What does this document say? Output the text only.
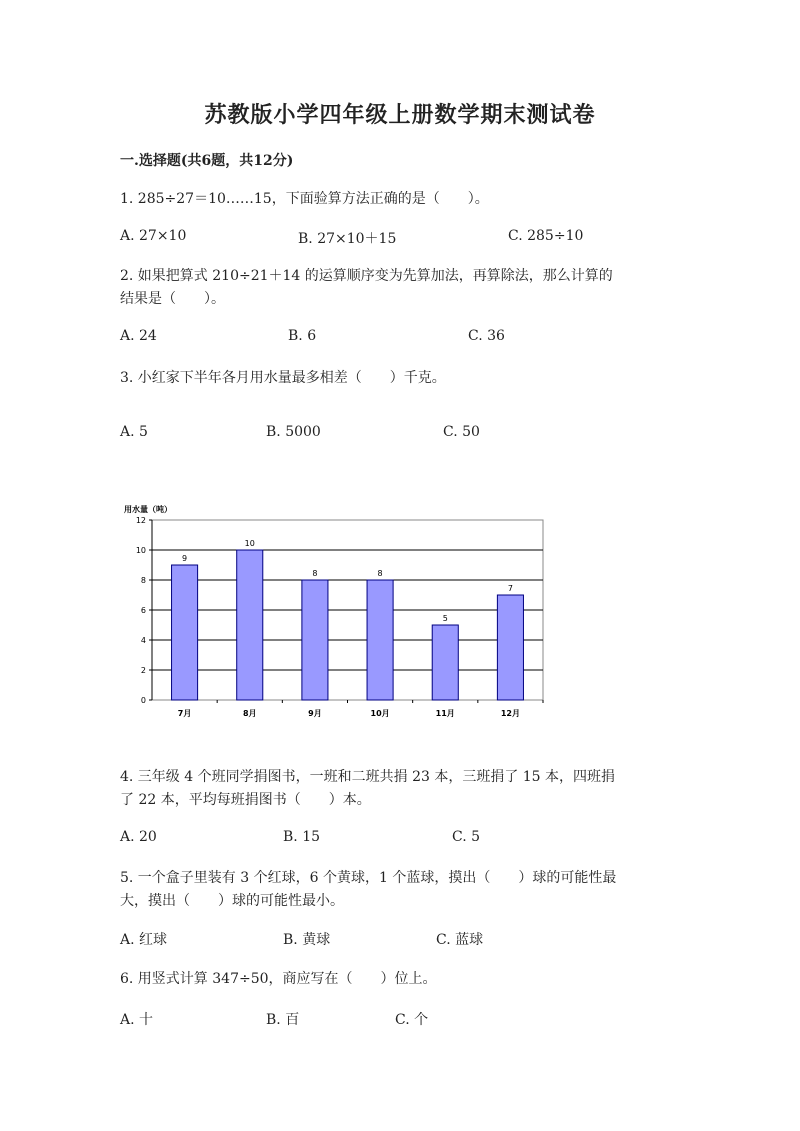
苏教版小学四年级上册数学期末测试卷
一.选择题(共6题，共12分)
1. 285÷27＝10……15，下面验算方法正确的是（　　）。
A. 27×10	B. 27×10＋15	C. 285÷10
2. 如果把算式 210÷21＋14 的运算顺序变为先算加法，再算除法，那么计算的
结果是（　　）。
A. 24	B. 6	C. 36
3. 小红家下半年各月用水量最多相差（　　）千克。
A. 5	B. 5000	C. 50
用水量（吨）
0
2
4
6
8
10
12
9
7月
10
8月
8
9月
8
10月
5
11月
7
12月
4. 三年级 4 个班同学捐图书，一班和二班共捐 23 本，三班捐了 15 本，四班捐
了 22 本，平均每班捐图书（　　）本。
A. 20	B. 15	C. 5
5. 一个盒子里装有 3 个红球，6 个黄球，1 个蓝球，摸出（　　）球的可能性最
大，摸出（　　）球的可能性最小。
A. 红球	B. 黄球	C. 蓝球
6. 用竖式计算 347÷50，商应写在（　　）位上。
A. 十	B. 百	C. 个
